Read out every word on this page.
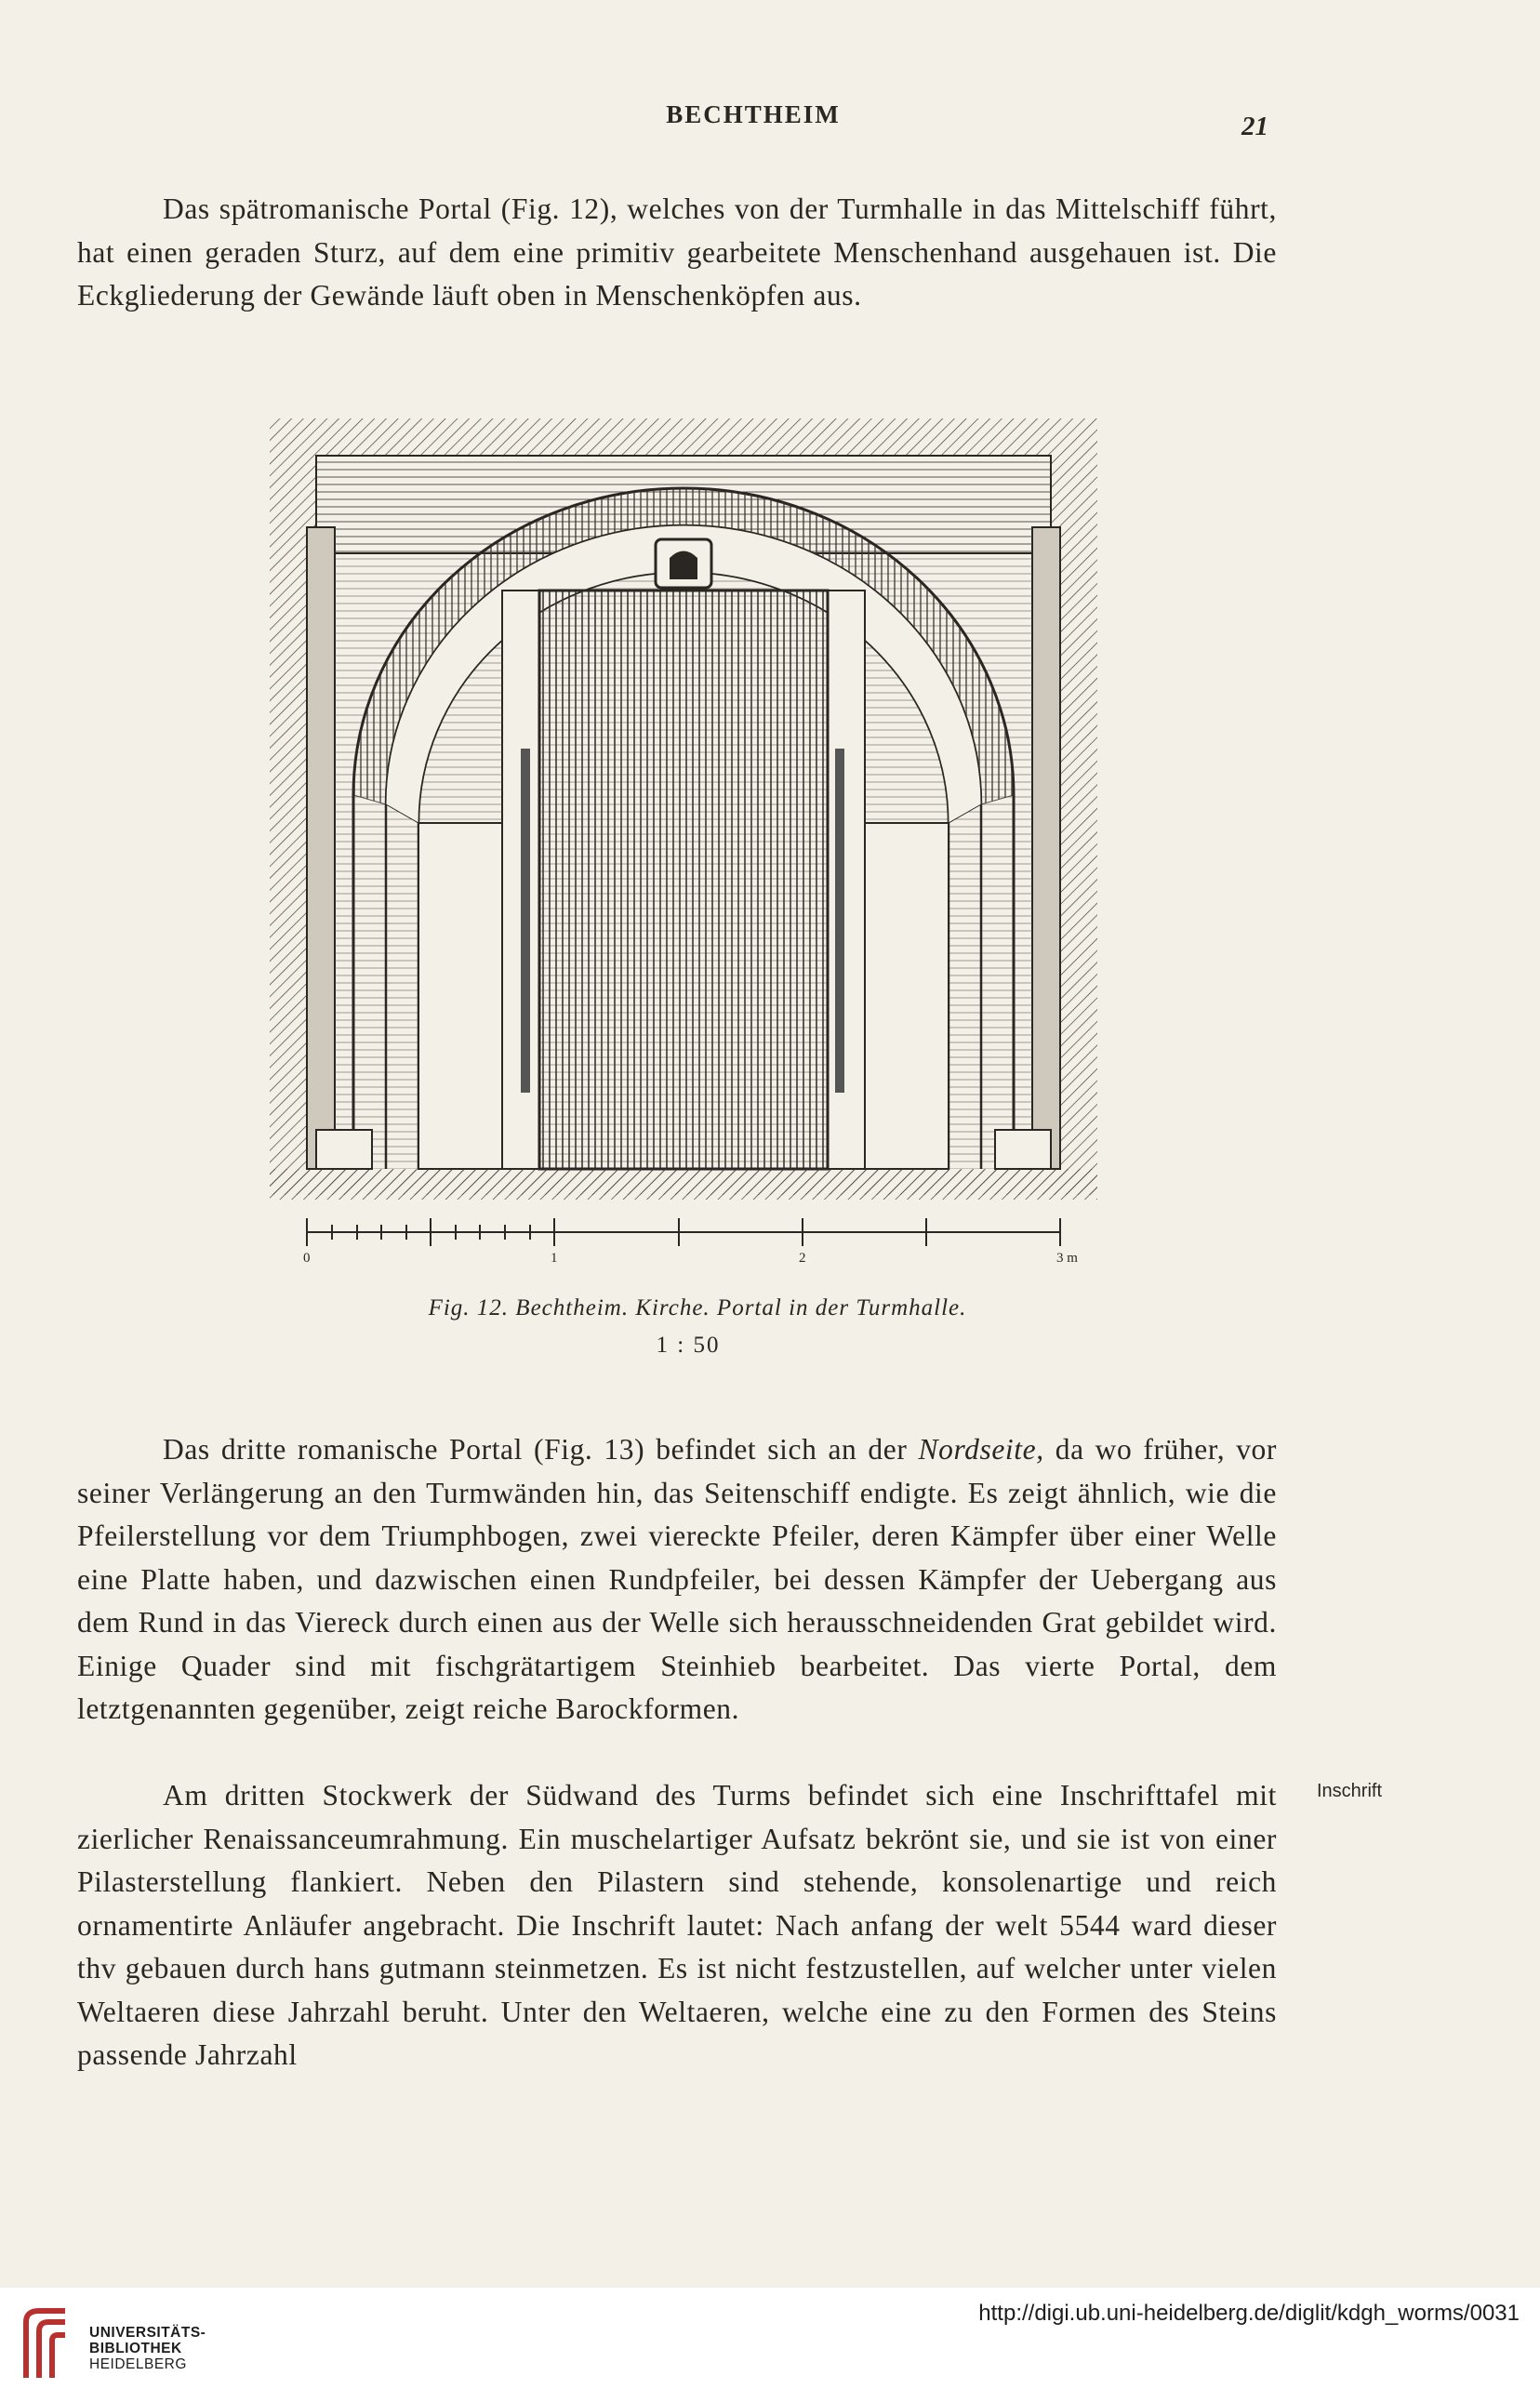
BECHTHEIM	21

Das spätromanische Portal (Fig. 12), welches von der Turmhalle in das Mittelschiff führt, hat einen geraden Sturz, auf dem eine primitiv gearbeitete Menschenhand ausgehauen ist. Die Eckgliederung der Gewände läuft oben in Menschenköpfen aus.

0	1	2	3 m
Fig. 12. Bechtheim. Kirche. Portal in der Turmhalle.
1 : 50

Das dritte romanische Portal (Fig. 13) befindet sich an der Nordseite, da wo früher, vor seiner Verlängerung an den Turmwänden hin, das Seitenschiff endigte. Es zeigt ähnlich, wie die Pfeilerstellung vor dem Triumphbogen, zwei viereckte Pfeiler, deren Kämpfer über einer Welle eine Platte haben, und dazwischen einen Rundpfeiler, bei dessen Kämpfer der Uebergang aus dem Rund in das Viereck durch einen aus der Welle sich herausschneidenden Grat gebildet wird. Einige Quader sind mit fischgrätartigem Steinhieb bearbeitet. Das vierte Portal, dem letztgenannten gegenüber, zeigt reiche Barockformen.

Am dritten Stockwerk der Südwand des Turms befindet sich eine Inschrifttafel mit zierlicher Renaissanceumrahmung. Ein muschelartiger Aufsatz bekrönt sie, und sie ist von einer Pilasterstellung flankiert. Neben den Pilastern sind stehende, konsolenartige und reich ornamentirte Anläufer angebracht. Die Inschrift lautet: Nach anfang der welt 5544 ward dieser thv gebauen durch hans gutmann steinmetzen. Es ist nicht festzustellen, auf welcher unter vielen Weltaeren diese Jahrzahl beruht. Unter den Weltaeren, welche eine zu den Formen des Steins passende Jahrzahl

Inschrift
UNIVERSITÄTS-
BIBLIOTHEK
HEIDELBERG
http://digi.ub.uni-heidelberg.de/diglit/kdgh_worms/0031
